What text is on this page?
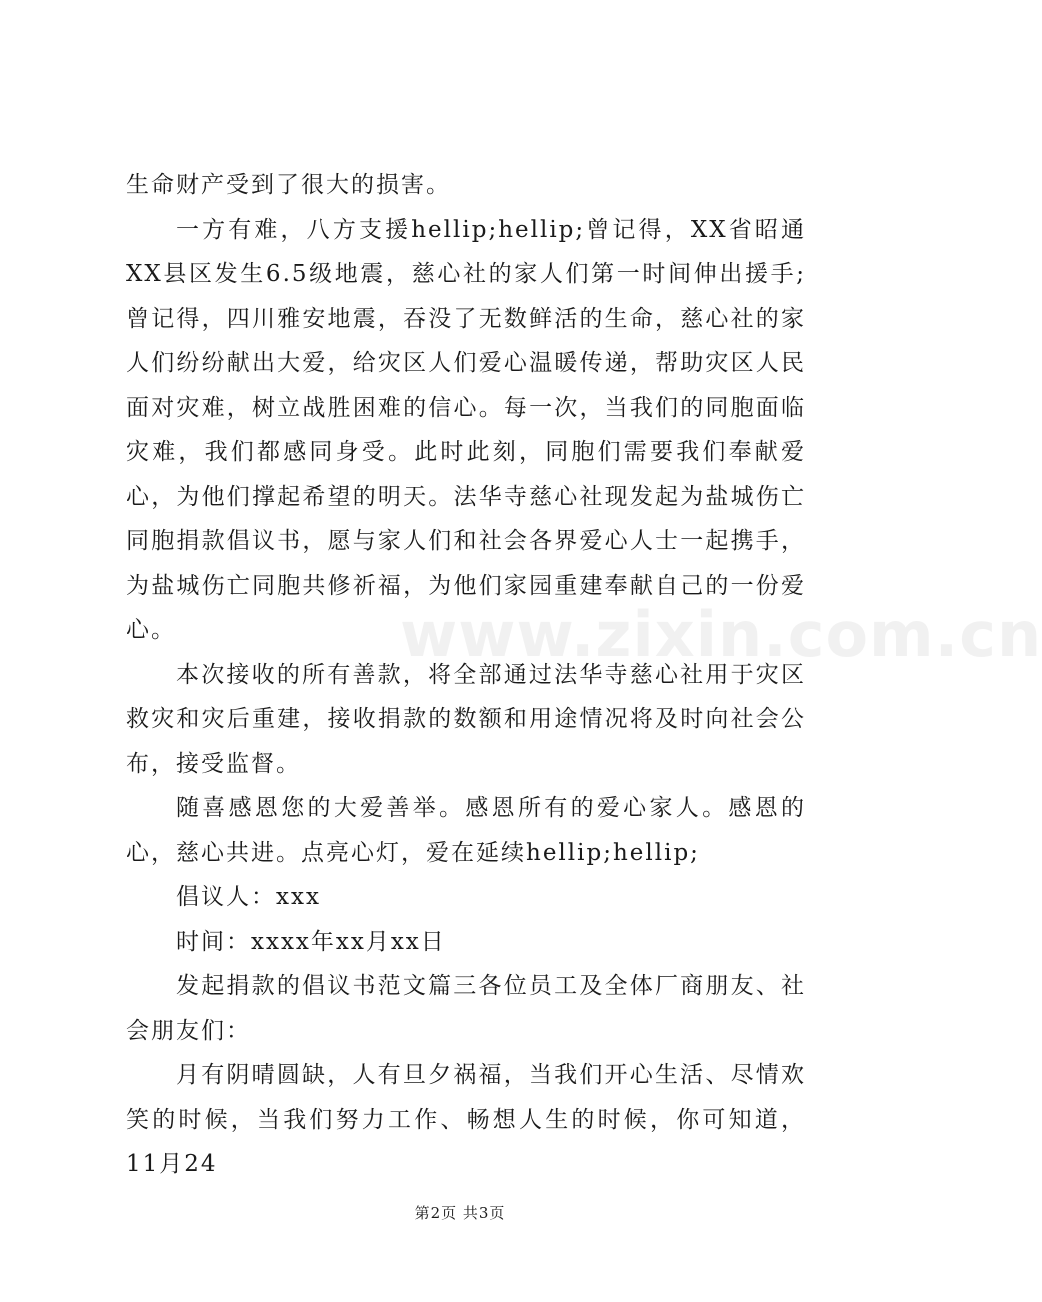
www.zixin.com.cn

生命财产受到了很大的损害。

一方有难，八方支援hellip;hellip;曾记得，XX省昭通XX县区发生6.5级地震，慈心社的家人们第一时间伸出援手;曾记得，四川雅安地震，吞没了无数鲜活的生命，慈心社的家人们纷纷献出大爱，给灾区人们爱心温暖传递，帮助灾区人民面对灾难，树立战胜困难的信心。每一次，当我们的同胞面临灾难，我们都感同身受。此时此刻，同胞们需要我们奉献爱心，为他们撑起希望的明天。法华寺慈心社现发起为盐城伤亡同胞捐款倡议书，愿与家人们和社会各界爱心人士一起携手，为盐城伤亡同胞共修祈福，为他们家园重建奉献自己的一份爱心。

本次接收的所有善款，将全部通过法华寺慈心社用于灾区救灾和灾后重建，接收捐款的数额和用途情况将及时向社会公布，接受监督。

随喜感恩您的大爱善举。感恩所有的爱心家人。感恩的心，慈心共进。点亮心灯，爱在延续hellip;hellip;

倡议人：xxx

时间：xxxx年xx月xx日

发起捐款的倡议书范文篇三各位员工及全体厂商朋友、社会朋友们：

月有阴晴圆缺，人有旦夕祸福，当我们开心生活、尽情欢笑的时候，当我们努力工作、畅想人生的时候，你可知道，11月24

第2页 共3页
